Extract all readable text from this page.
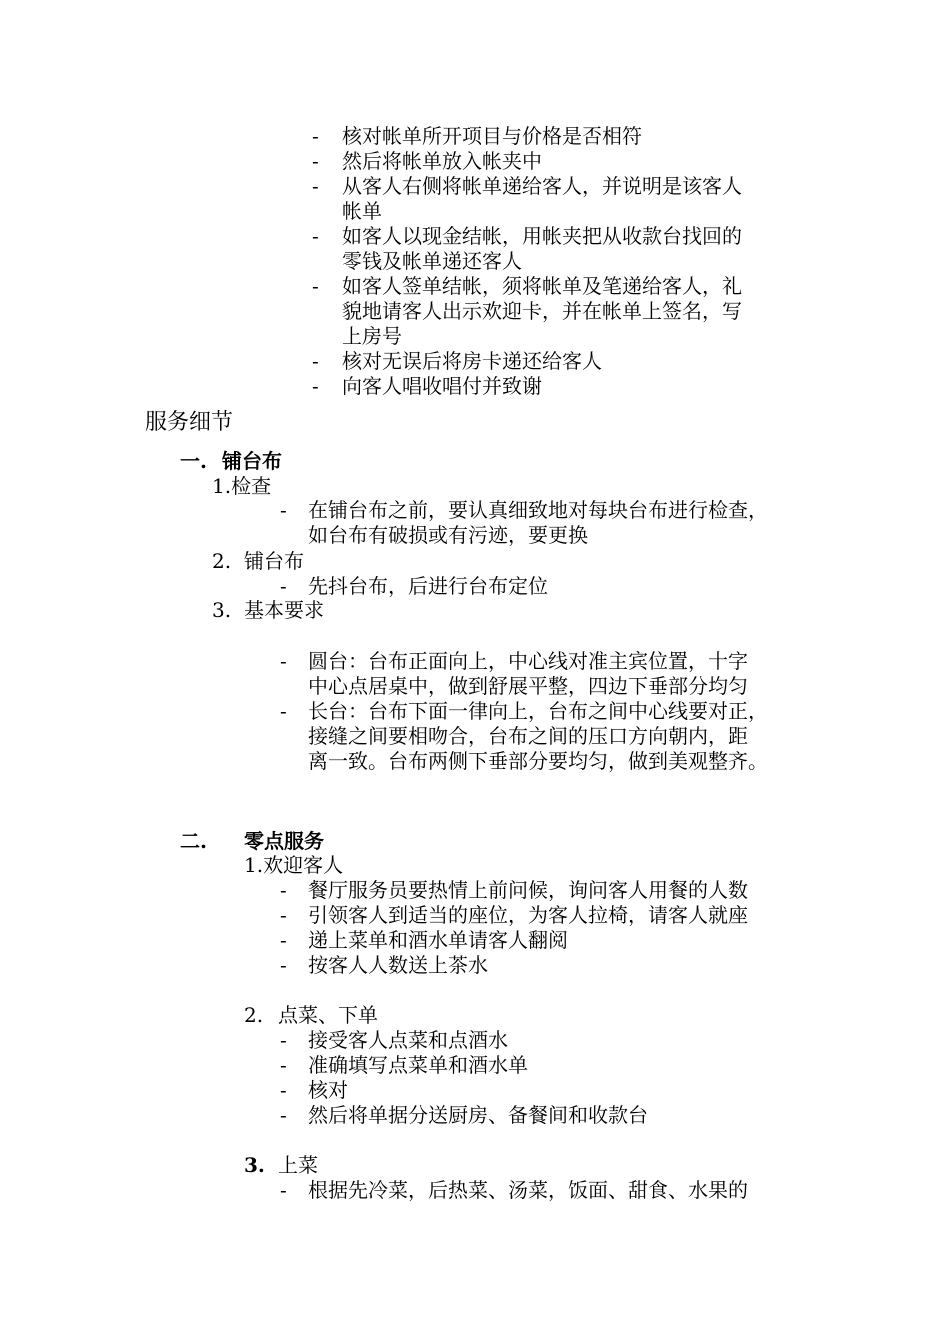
- 核对帐单所开项目与价格是否相符
- 然后将帐单放入帐夹中
- 从客人右侧将帐单递给客人，并说明是该客人
帐单
- 如客人以现金结帐，用帐夹把从收款台找回的
零钱及帐单递还客人
- 如客人签单结帐，须将帐单及笔递给客人，礼
貌地请客人出示欢迎卡，并在帐单上签名，写
上房号
- 核对无误后将房卡递还给客人
- 向客人唱收唱付并致谢
服务细节
一. 铺台布
1.检查
- 在铺台布之前，要认真细致地对每块台布进行检查，
如台布有破损或有污迹，要更换
2. 铺台布
- 先抖台布，后进行台布定位
3. 基本要求
- 圆台：台布正面向上，中心线对准主宾位置，十字
中心点居桌中，做到舒展平整，四边下垂部分均匀
- 长台：台布下面一律向上，台布之间中心线要对正，
接缝之间要相吻合，台布之间的压口方向朝内，距
离一致。台布两侧下垂部分要均匀，做到美观整齐。
二. 零点服务
1.欢迎客人
- 餐厅服务员要热情上前问候，询问客人用餐的人数
- 引领客人到适当的座位，为客人拉椅，请客人就座
- 递上菜单和酒水单请客人翻阅
- 按客人人数送上茶水
2. 点菜、下单
- 接受客人点菜和点酒水
- 准确填写点菜单和酒水单
- 核对
- 然后将单据分送厨房、备餐间和收款台
3. 上菜
- 根据先冷菜，后热菜、汤菜，饭面、甜食、水果的
